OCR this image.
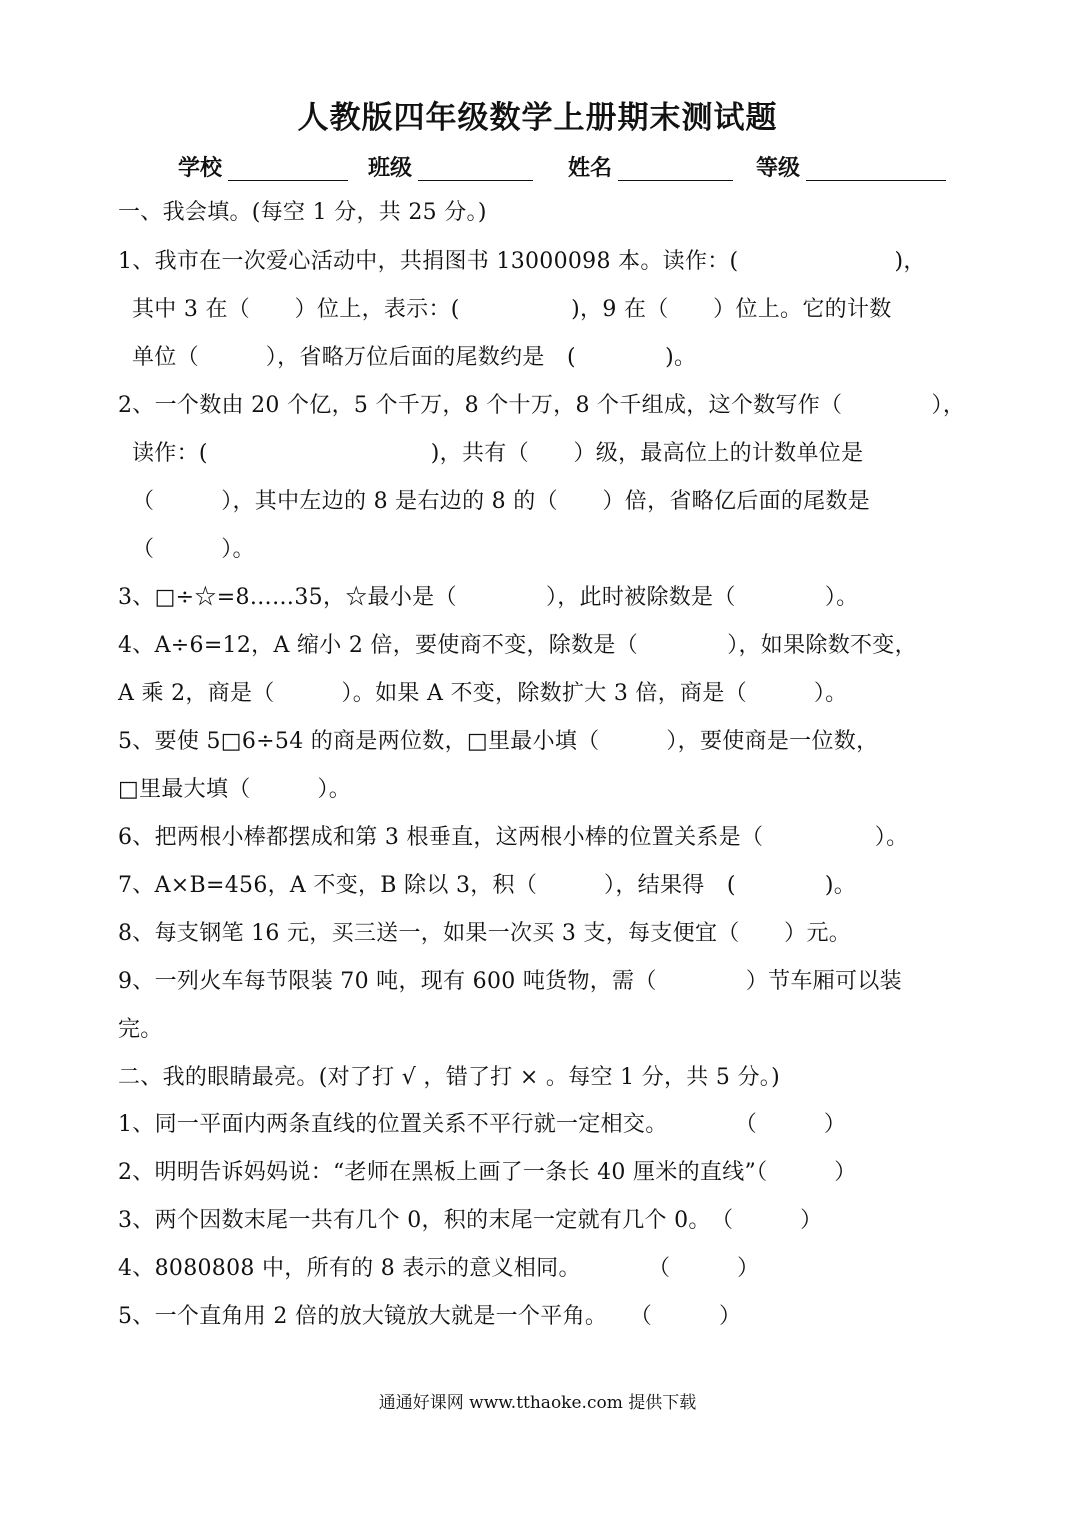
人教版四年级数学上册期末测试题
学校	班级	姓名	等级
一、我会填。(每空 1 分，共 25 分。)
1、我市在一次爱心活动中，共捐图书 13000098 本。读作：(　　　　　　　)，
其中 3 在（　　）位上，表示：(　　　　　)，9 在（　　）位上。它的计数
单位（　　　），省略万位后面的尾数约是　(　　　　)。
2、一个数由 20 个亿，5 个千万，8 个十万，8 个千组成，这个数写作（　　　　），
读作：(　　　　　　　　　　)，共有（　　）级，最高位上的计数单位是
（　　　），其中左边的 8 是右边的 8 的（　　）倍，省略亿后面的尾数是
（　　　）。
3、□÷☆=8……35，☆最小是（　　　　），此时被除数是（　　　　）。
4、A÷6=12，A 缩小 2 倍，要使商不变，除数是（　　　　），如果除数不变，
A 乘 2，商是（　　　）。如果 A 不变，除数扩大 3 倍，商是（　　　）。
5、要使 5□6÷54 的商是两位数，□里最小填（　　　），要使商是一位数，
□里最大填（　　　）。
6、把两根小棒都摆成和第 3 根垂直，这两根小棒的位置关系是（　　　　　）。
7、A×B=456，A 不变，B 除以 3，积（　　　），结果得　(　　　　)。
8、每支钢笔 16 元，买三送一，如果一次买 3 支，每支便宜（　　）元。
9、一列火车每节限装 70 吨，现有 600 吨货物，需（　　　　）节车厢可以装
完。
二、我的眼睛最亮。(对了打 √ ，错了打 × 。每空 1 分，共 5 分。)
1、同一平面内两条直线的位置关系不平行就一定相交。　　　　（　　　）
2、明明告诉妈妈说：“老师在黑板上画了一条长 40 厘米的直线”（　　　）
3、两个因数末尾一共有几个 0，积的末尾一定就有几个 0。　（　　　）
4、8080808 中，所有的 8 表示的意义相同。　　　　（　　　）
5、一个直角用 2 倍的放大镜放大就是一个平角。　　（　　　）
通通好课网 www.tthaoke.com 提供下载
